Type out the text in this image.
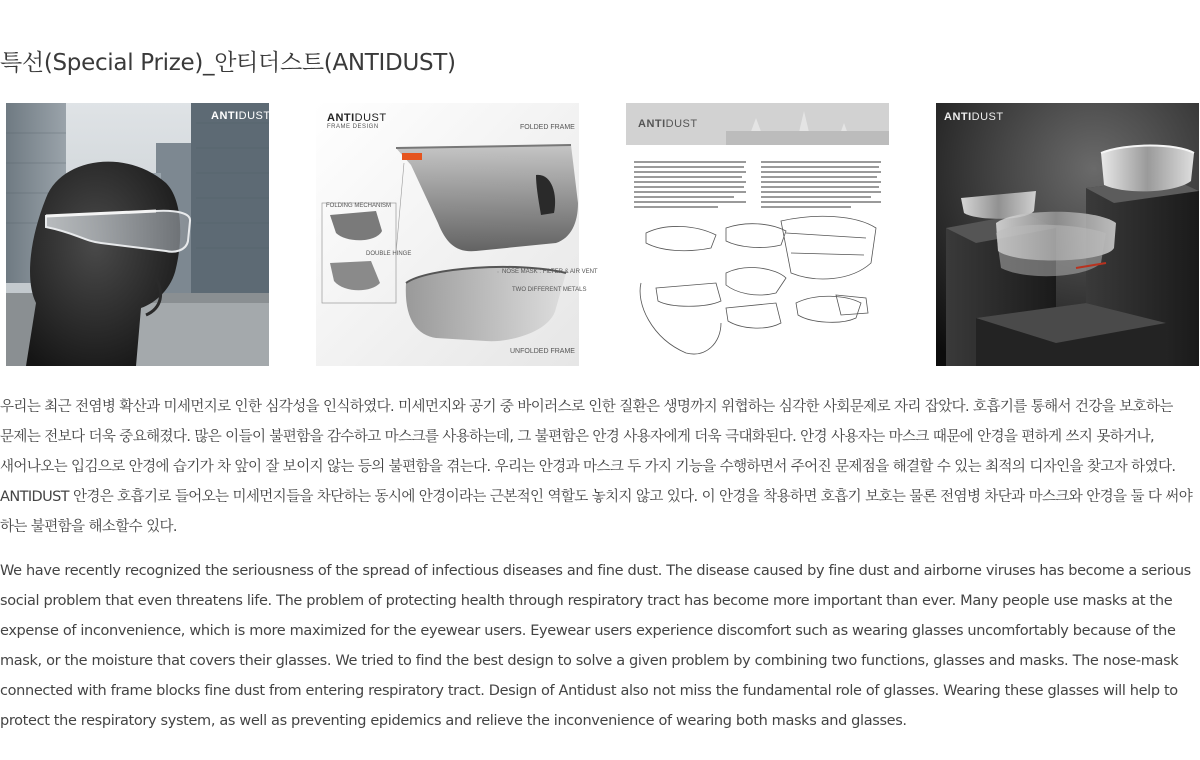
특선(Special Prize)_안티더스트(ANTIDUST)
ANTIDUST
FOLDING MECHANISM
DOUBLE HINGE
NOSE MASK : FILTER & AIR VENT
TWO DIFFERENT METALS
FOLDED FRAME
UNFOLDED FRAME
ANTIDUST
FRAME DESIGN	ANTIDUST
ANTIDUST

우리는 최근 전염병 확산과 미세먼지로 인한 심각성을 인식하였다. 미세먼지와 공기 중 바이러스로 인한 질환은 생명까지 위협하는 심각한 사회문제로 자리 잡았다. 호흡기를 통해서 건강을 보호하는 문제는 전보다 더욱 중요해졌다. 많은 이들이 불편함을 감수하고 마스크를 사용하는데, 그 불편함은 안경 사용자에게 더욱 극대화된다. 안경 사용자는 마스크 때문에 안경을 편하게 쓰지 못하거나, 새어나오는 입김으로 안경에 습기가 차 앞이 잘 보이지 않는 등의 불편함을 겪는다. 우리는 안경과 마스크 두 가지 기능을 수행하면서 주어진 문제점을 해결할 수 있는 최적의 디자인을 찾고자 하였다. ANTIDUST 안경은 호흡기로 들어오는 미세먼지들을 차단하는 동시에 안경이라는 근본적인 역할도 놓치지 않고 있다. 이 안경을 착용하면 호흡기 보호는 물론 전염병 차단과 마스크와 안경을 둘 다 써야 하는 불편함을 해소할수 있다.

We have recently recognized the seriousness of the spread of infectious diseases and fine dust. The disease caused by fine dust and airborne viruses has become a serious social problem that even threatens life. The problem of protecting health through respiratory tract has become more important than ever. Many people use masks at the expense of inconvenience, which is more maximized for the eyewear users. Eyewear users experience discomfort such as wearing glasses uncomfortably because of the mask, or the moisture that covers their glasses. We tried to find the best design to solve a given problem by combining two functions, glasses and masks. The nose-mask connected with frame blocks fine dust from entering respiratory tract. Design of Antidust also not miss the fundamental role of glasses. Wearing these glasses will help to protect the respiratory system, as well as preventing epidemics and relieve the inconvenience of wearing both masks and glasses.
